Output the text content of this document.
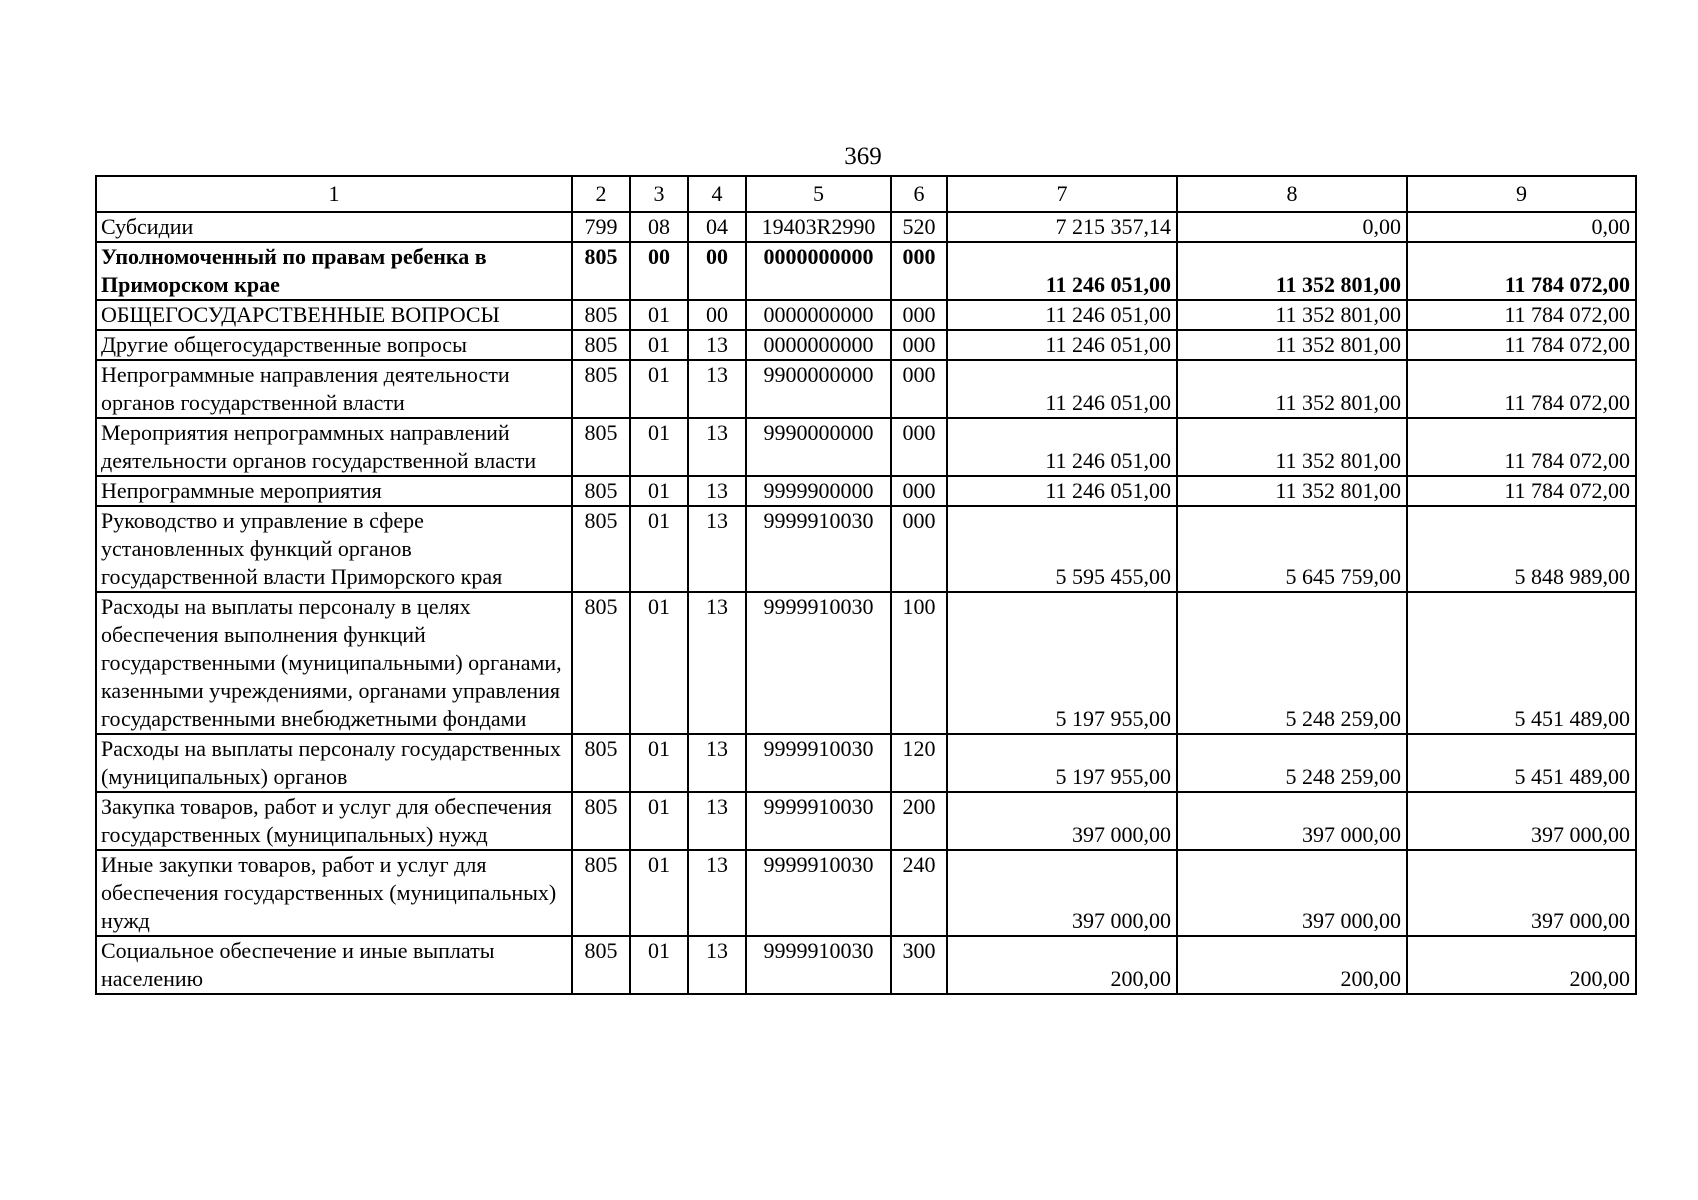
369
1	2	3	4	5	6	7	8	9
Субсидии	799	08	04	19403R2990	520	7 215 357,14	0,00	0,00
Уполномоченный по правам ребенка в Приморском крае	805	00	00	0000000000	000	11 246 051,00	11 352 801,00	11 784 072,00
ОБЩЕГОСУДАРСТВЕННЫЕ ВОПРОСЫ	805	01	00	0000000000	000	11 246 051,00	11 352 801,00	11 784 072,00
Другие общегосударственные вопросы	805	01	13	0000000000	000	11 246 051,00	11 352 801,00	11 784 072,00
Непрограммные направления деятельности органов государственной власти	805	01	13	9900000000	000	11 246 051,00	11 352 801,00	11 784 072,00
Мероприятия непрограммных направлений деятельности органов государственной власти	805	01	13	9990000000	000	11 246 051,00	11 352 801,00	11 784 072,00
Непрограммные мероприятия	805	01	13	9999900000	000	11 246 051,00	11 352 801,00	11 784 072,00
Руководство и управление в сфере установленных функций органов государственной власти Приморского края	805	01	13	9999910030	000	5 595 455,00	5 645 759,00	5 848 989,00
Расходы на выплаты персоналу в целях обеспечения выполнения функций государственными (муниципальными) органами, казенными учреждениями, органами управления государственными внебюджетными фондами	805	01	13	9999910030	100	5 197 955,00	5 248 259,00	5 451 489,00
Расходы на выплаты персоналу государственных (муниципальных) органов	805	01	13	9999910030	120	5 197 955,00	5 248 259,00	5 451 489,00
Закупка товаров, работ и услуг для обеспечения государственных (муниципальных) нужд	805	01	13	9999910030	200	397 000,00	397 000,00	397 000,00
Иные закупки товаров, работ и услуг для обеспечения государственных (муниципальных) нужд	805	01	13	9999910030	240	397 000,00	397 000,00	397 000,00
Социальное обеспечение и иные выплаты населению	805	01	13	9999910030	300	200,00	200,00	200,00
